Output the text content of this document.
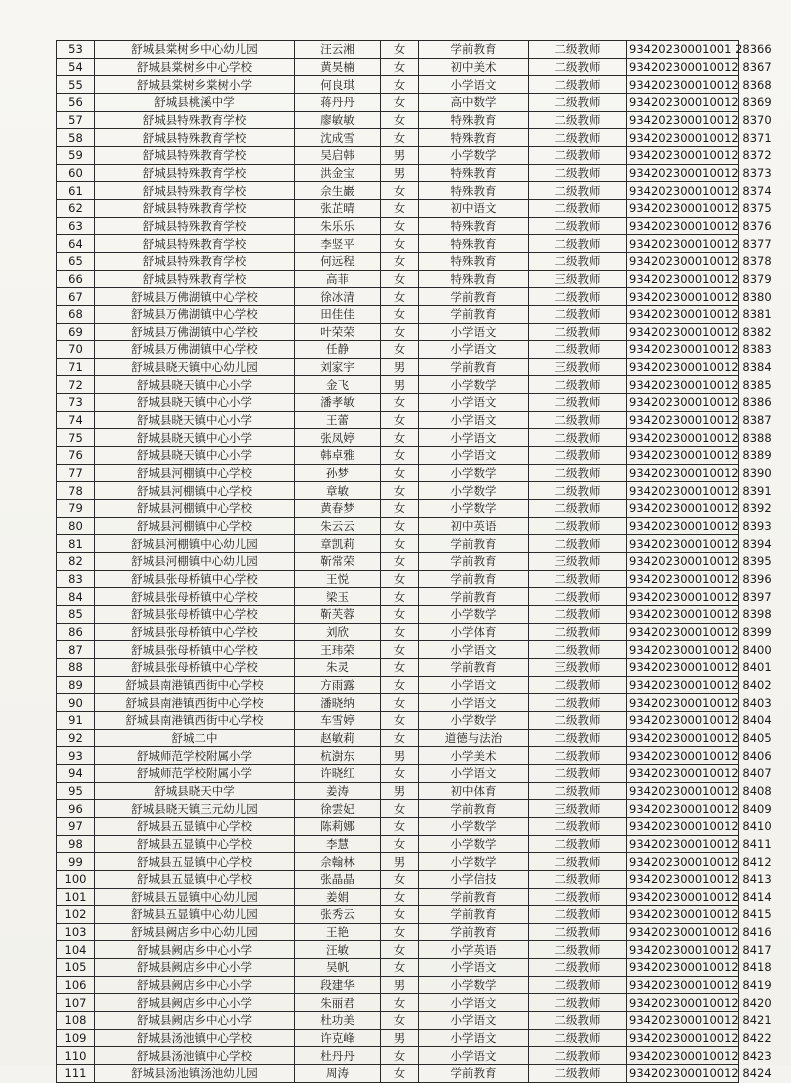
53	舒城县棠树乡中心幼儿园	汪云湘	女	学前教育	二级教师	93420230001001 28366
54	舒城县棠树乡中心学校	黄昊楠	女	初中美术	二级教师	934202300010012 8367
55	舒城县棠树乡棠树小学	何良琪	女	小学语文	二级教师	934202300010012 8368
56	舒城县桃溪中学	蒋丹丹	女	高中数学	二级教师	934202300010012 8369
57	舒城县特殊教育学校	廖敏敏	女	特殊教育	二级教师	934202300010012 8370
58	舒城县特殊教育学校	沈成雪	女	特殊教育	二级教师	934202300010012 8371
59	舒城县特殊教育学校	吴启韩	男	小学数学	二级教师	934202300010012 8372
60	舒城县特殊教育学校	洪金宝	男	特殊教育	二级教师	934202300010012 8373
61	舒城县特殊教育学校	佘生巖	女	特殊教育	二级教师	934202300010012 8374
62	舒城县特殊教育学校	张芷晴	女	初中语文	二级教师	934202300010012 8375
63	舒城县特殊教育学校	朱乐乐	女	特殊教育	二级教师	934202300010012 8376
64	舒城县特殊教育学校	李竖平	女	特殊教育	二级教师	934202300010012 8377
65	舒城县特殊教育学校	何远程	女	特殊教育	二级教师	934202300010012 8378
66	舒城县特殊教育学校	高菲	女	特殊教育	三级教师	934202300010012 8379
67	舒城县万佛湖镇中心学校	徐冰清	女	学前教育	二级教师	934202300010012 8380
68	舒城县万佛湖镇中心学校	田佳佳	女	学前教育	二级教师	934202300010012 8381
69	舒城县万佛湖镇中心学校	叶荣荣	女	小学语文	二级教师	934202300010012 8382
70	舒城县万佛湖镇中心学校	任静	女	小学语文	二级教师	934202300010012 8383
71	舒城县晓天镇中心幼儿园	刘家宇	男	学前教育	三级教师	934202300010012 8384
72	舒城县晓天镇中心小学	金飞	男	小学数学	二级教师	934202300010012 8385
73	舒城县晓天镇中心小学	潘孝敏	女	小学语文	二级教师	934202300010012 8386
74	舒城县晓天镇中心小学	王蕾	女	小学语文	二级教师	934202300010012 8387
75	舒城县晓天镇中心小学	张凤婷	女	小学语文	二级教师	934202300010012 8388
76	舒城县晓天镇中心小学	韩卓雅	女	小学语文	二级教师	934202300010012 8389
77	舒城县河棚镇中心学校	孙梦	女	小学数学	二级教师	934202300010012 8390
78	舒城县河棚镇中心学校	章敏	女	小学数学	二级教师	934202300010012 8391
79	舒城县河棚镇中心学校	黄春梦	女	小学数学	二级教师	934202300010012 8392
80	舒城县河棚镇中心学校	朱云云	女	初中英语	二级教师	934202300010012 8393
81	舒城县河棚镇中心幼儿园	章凯莉	女	学前教育	二级教师	934202300010012 8394
82	舒城县河棚镇中心幼儿园	靳常荣	女	学前教育	三级教师	934202300010012 8395
83	舒城县张母桥镇中心学校	王悦	女	学前教育	二级教师	934202300010012 8396
84	舒城县张母桥镇中心学校	梁玉	女	学前教育	二级教师	934202300010012 8397
85	舒城县张母桥镇中心学校	靳芙蓉	女	小学数学	二级教师	934202300010012 8398
86	舒城县张母桥镇中心学校	刘欣	女	小学体育	二级教师	934202300010012 8399
87	舒城县张母桥镇中心学校	王玮荣	女	小学语文	二级教师	934202300010012 8400
88	舒城县张母桥镇中心学校	朱灵	女	学前教育	三级教师	934202300010012 8401
89	舒城县南港镇西街中心学校	方雨露	女	小学语文	二级教师	934202300010012 8402
90	舒城县南港镇西街中心学校	潘晓纳	女	小学语文	二级教师	934202300010012 8403
91	舒城县南港镇西街中心学校	车雪婷	女	小学数学	二级教师	934202300010012 8404
92	舒城二中	赵敏莉	女	道德与法治	二级教师	934202300010012 8405
93	舒城师范学校附属小学	杭澍东	男	小学美术	二级教师	934202300010012 8406
94	舒城师范学校附属小学	许晓红	女	小学语文	二级教师	934202300010012 8407
95	舒城县晓天中学	姜涛	男	初中体育	二级教师	934202300010012 8408
96	舒城县晓天镇三元幼儿园	徐雲妃	女	学前教育	三级教师	934202300010012 8409
97	舒城县五显镇中心学校	陈莉娜	女	小学数学	二级教师	934202300010012 8410
98	舒城县五显镇中心学校	李慧	女	小学数学	二级教师	934202300010012 8411
99	舒城县五显镇中心学校	佘翰林	男	小学数学	二级教师	934202300010012 8412
100	舒城县五显镇中心学校	张晶晶	女	小学信技	二级教师	934202300010012 8413
101	舒城县五显镇中心幼儿园	姜娟	女	学前教育	二级教师	934202300010012 8414
102	舒城县五显镇中心幼儿园	张秀云	女	学前教育	二级教师	934202300010012 8415
103	舒城县阙店乡中心幼儿园	王艳	女	学前教育	二级教师	934202300010012 8416
104	舒城县阙店乡中心小学	汪敏	女	小学英语	二级教师	934202300010012 8417
105	舒城县阙店乡中心小学	吴帆	女	小学语文	二级教师	934202300010012 8418
106	舒城县阙店乡中心小学	段建华	男	小学数学	二级教师	934202300010012 8419
107	舒城县阙店乡中心小学	朱丽君	女	小学语文	二级教师	934202300010012 8420
108	舒城县阙店乡中心小学	杜功美	女	小学语文	二级教师	934202300010012 8421
109	舒城县汤池镇中心学校	许克峰	男	小学语文	二级教师	934202300010012 8422
110	舒城县汤池镇中心学校	杜丹丹	女	小学语文	二级教师	934202300010012 8423
111	舒城县汤池镇汤池幼儿园	周涛	女	学前教育	二级教师	934202300010012 8424
